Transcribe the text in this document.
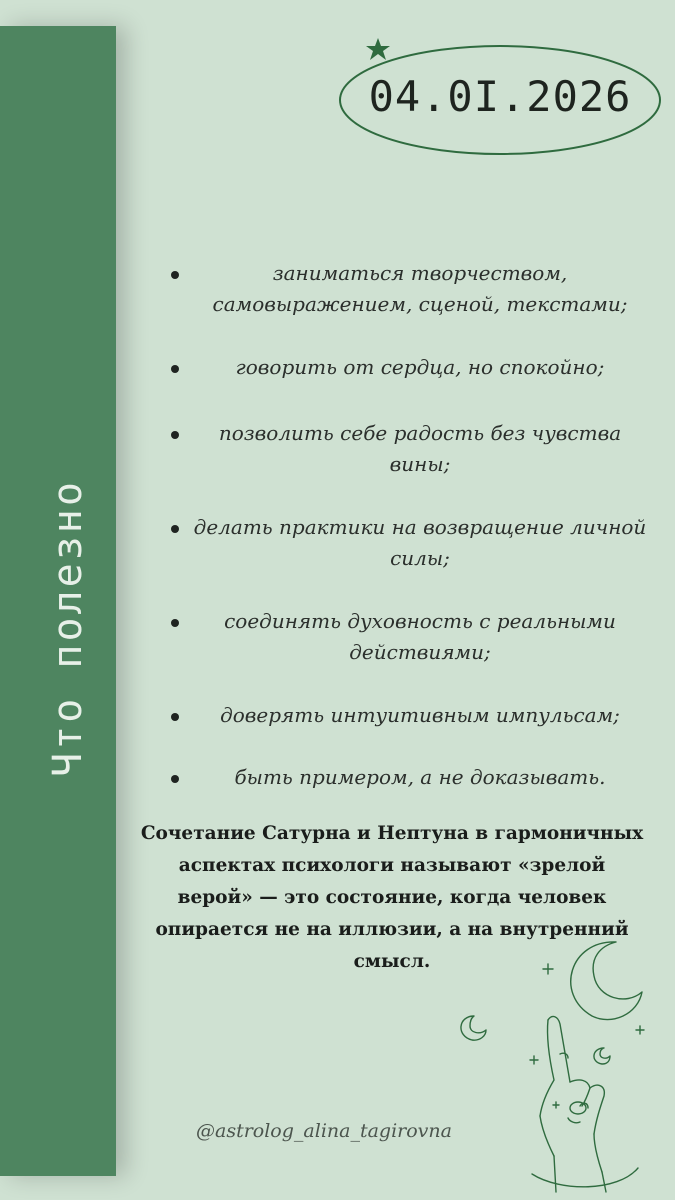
Что полезно
04.0I.2026
заниматься творчеством, самовыражением, сценой, текстами;
говорить от сердца, но спокойно;
позволить себе радость без чувства вины;
делать практики на возвращение личной силы;
соединять духовность с реальными действиями;
доверять интуитивным импульсам;
быть примером, а не доказывать.
Сочетание Сатурна и Нептуна в гармоничных аспектах психологи называют «зрелой верой» — это состояние, когда человек опирается не на иллюзии, а на внутренний смысл.
@astrolog_alina_tagirovna
